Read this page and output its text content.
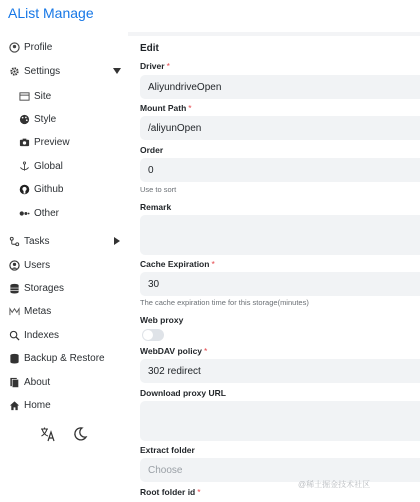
AList Manage
Profile
Settings
Site
Style
Preview
Global
Github
Other
Tasks
Users
Storages
Metas
Indexes
Backup & Restore
About
Home
Edit
Driver *
AliyundriveOpen
Mount Path *
/aliyunOpen
Order
0
Use to sort
Remark
Cache Expiration *
30
The cache expiration time for this storage(minutes)
Web proxy
WebDAV policy *
302 redirect
Download proxy URL
Extract folder
Choose
Root folder id *
@稀土掘金技术社区
